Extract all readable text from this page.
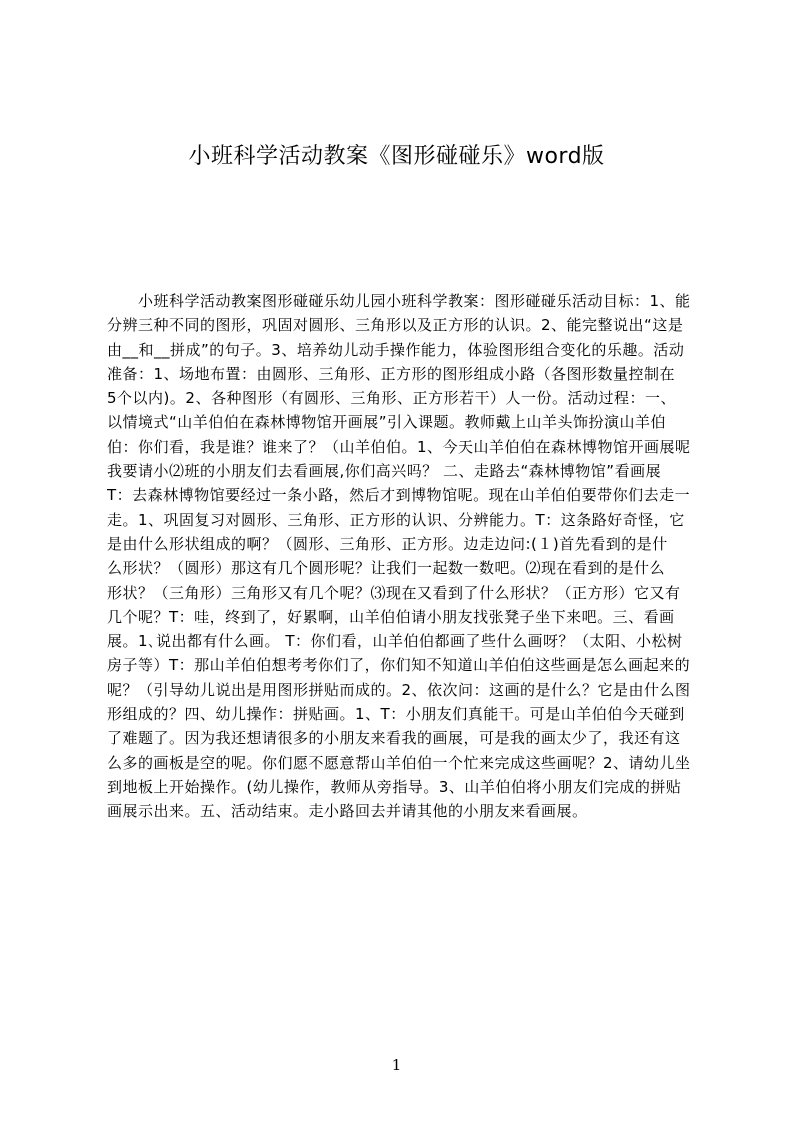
小班科学活动教案《图形碰碰乐》word版
　　小班科学活动教案图形碰碰乐幼儿园小班科学教案：图形碰碰乐活动目标：1、能
分辨三种不同的图形，巩固对圆形、三角形以及正方形的认识。2、能完整说出“这是
由__和__拼成”的句子。3、培养幼儿动手操作能力，体验图形组合变化的乐趣。活动
准备：1、场地布置：由圆形、三角形、正方形的图形组成小路（各图形数量控制在
5个以内)。2、各种图形（有圆形、三角形、正方形若干）人一份。活动过程：一、
以情境式“山羊伯伯在森林博物馆开画展”引入课题。教师戴上山羊头饰扮演山羊伯
伯：你们看，我是谁？谁来了？（山羊伯伯。1、今天山羊伯伯在森林博物馆开画展呢
我要请小⑵班的小朋友们去看画展,你们高兴吗？ 二、走路去“森林博物馆”看画展
T：去森林博物馆要经过一条小路，然后才到博物馆呢。现在山羊伯伯要带你们去走一
走。1、巩固复习对圆形、三角形、正方形的认识、分辨能力。T：这条路好奇怪，它
是由什么形状组成的啊？（圆形、三角形、正方形。边走边问:(１)首先看到的是什
么形状？（圆形）那这有几个圆形呢？让我们一起数一数吧。⑵现在看到的是什么
形状？（三角形）三角形又有几个呢？⑶现在又看到了什么形状？（正方形）它又有
几个呢？T：哇，终到了，好累啊，山羊伯伯请小朋友找张凳子坐下来吧。三、看画
展。1､说出都有什么画。 T：你们看，山羊伯伯都画了些什么画呀？（太阳、小松树
房子等）T：那山羊伯伯想考考你们了，你们知不知道山羊伯伯这些画是怎么画起来的
呢？（引导幼儿说出是用图形拼贴而成的。2、依次问：这画的是什么？它是由什么图
形组成的？四、幼儿操作：拼贴画。1、T：小朋友们真能干。可是山羊伯伯今天碰到
了难题了。因为我还想请很多的小朋友来看我的画展，可是我的画太少了，我还有这
么多的画板是空的呢。你们愿不愿意帮山羊伯伯一个忙来完成这些画呢？2、请幼儿坐
到地板上开始操作。(幼儿操作，教师从旁指导。3、山羊伯伯将小朋友们完成的拼贴
画展示出来。五、活动结束。走小路回去并请其他的小朋友来看画展。
1
